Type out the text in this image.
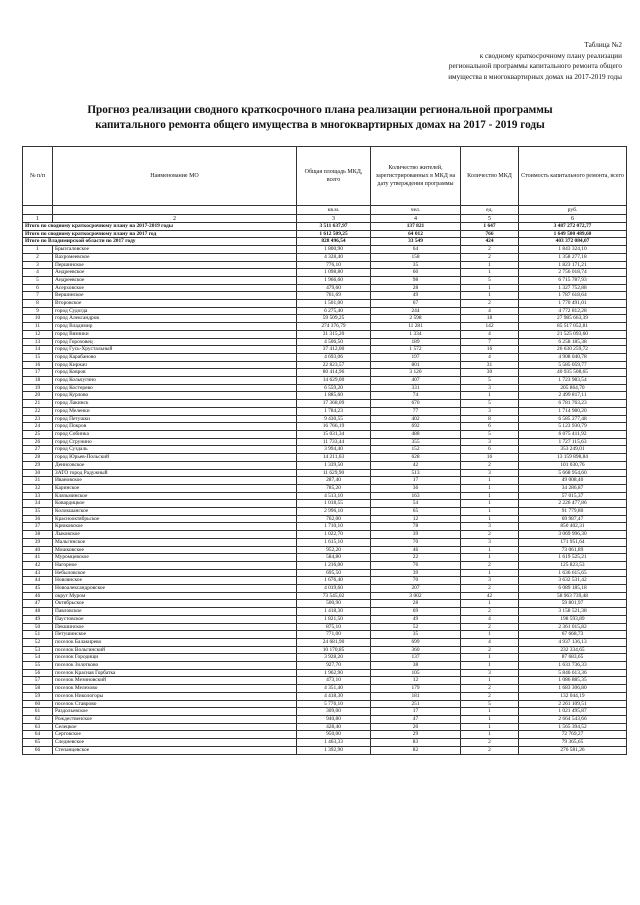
Таблица №2
к сводному краткосрочному плану реализации
региональной программы капитального ремонта общего
имущества в многоквартирных домах на 2017-2019 годы
Прогноз реализации сводного краткосрочного плана реализации региональной программы
капитального ремонта общего имущества в многоквартирных домах на 2017 - 2019 годы
№ п/п	Наименование МО	Общая площадь МКД, всего	Количество жителей, зарегистрированных в МКД на дату утверждения программы	Количество МКД	Стоимость капитального ремонта, всего
		кв.м.	чел.	ед.	руб.
1	2	3	4	5	6
Итого по сводному краткосрочному плану на 2017-2019 годы		3 511 637,97	137 821	1 647	3 487 272 072,77
Итого по сводному краткосрочному плану на 2017 год		1 612 509,25	64 012	766	1 649 500 489,60
Итого по Владимирской области по 2017 году		828 496,54	33 549	424	403 372 084,07
1	Брызгаловское	1 800,90	64	2	1 843 324,10
2	Вахромеевское	4 328,40	158	2	1 358 277,18
3	Першинское	776,10	35	1	1 823 171,21
4	Андреевское	1 098,80	60	1	2 756 018,74
5	Андреевское	1 966,60	98	5	6 715 787,93
6	Асерховское	479,60	28	1	1 327 752,88
7	Вершинское	761,69	49	1	1 787 618,64
8	Второвское	1 501,00	67	2	1 770 491,01
9	город Судогда	6 275,40	244	4	4 772 812,28
10	город Александров	59 509,25	2 598	18	27 985 663,39
11	город Владимир	274 376,79	11 281	142	85 517 052,81
12	город Вязники	31 315,20	1 334	4	21 525 093,60
13	город Гороховец	4 506,50	189	7	6 258 185,38
14	город Гусь-Хрустальный	37 412,00	1 572	16	26 630 259,72
15	город Карабаново	4 693,06	197	4	4 908 040,78
16	город Киржач	22 823,57	801	31	5 585 059,77
17	город Ковров	80 414,96	3 120	30	40 935 508,65
18	город Кольчугино	14 629,00	407	5	1 723 983,54
19	город Костерево	6 559,20	331	3	205 864,70
20	город Курлово	1 885,60	74	1	2 499 817,11
21	город Лакинск	17 368,09	670	5	6 781 763,23
22	город Меленки	1 784,23	77	3	1 714 980,20
23	город Петушки	9 430,55	402	8	6 585 277,48
24	город Покров	16 766,19	692	6	5 123 930,79
25	город Собинка	15 031,34	488	5	6 075 411,92
26	город Струнино	11 733,44	355	3	1 727 115,63
27	город Суздаль	3 994,40	152	6	353 249,01
28	город Юрьев-Польский	14 211,63	628	16	13 159 898,84
29	Денисовское	1 339,50	42	2	101 030,76
30	ЗАТО город Радужный	11 629,90	513	3	5 668 954,60
31	Ивановское	287,40	17	1	49 008,40
32	Каринское	785,20	36	1	34 286,87
33	Клязьминское	4 513,10	163	1	57 015,37
34	Ковардицкое	1 018,55	54	1	2 226 477,86
35	Колокшанское	2 996,10	65	1	91 779,80
36	Краснооктябрьское	762,00	12	1	69 987,47
37	Крюковское	1 710,10	78	3	850 402,31
38	Лыковское	1 022,70	39	2	3 069 996,30
39	Мальгинское	1 615,10	70	3	171 951,64
40	Мошковское	952,20	46	1	73 061,89
41	Муромцевское	584,80	22	1	1 619 525,21
42	Нагорное	1 216,00	76	2	125 823,53
43	Небыловское	695,50	39	1	1 636 615,65
44	Новлянское	1 676,40	70	3	3 632 531,42
45	Новоалександровское	4 019,60	207	2	6 089 185,18
46	округ Муром	73 545,02	3 002	42	58 963 739,48
47	Октябрьское	500,90	28	1	59 801,97
48	Павловское	1 418,30	69	2	3 158 521,38
49	Паустовское	1 821,50	49	4	198 593,89
50	Пекшинское	875,10	52	2	2 361 015,82
51	Петушинское	771,00	35	1	67 668,73
52	поселок Балакирево	24 681,90	699	4	4 937 136,13
53	поселок Вольгинский	10 170,85	360	2	232 334,65
54	поселок Городищи	3 928,20	137	1	87 683,65
55	поселок Золотково	927,70	38	1	1 631 736,33
56	поселок Красная Горбатка	1 962,90	105	3	5 846 613,36
57	поселок Мезиновский	473,10	12	1	1 086 885,35
58	поселок Мелехово	4 351,40	179	2	1 683 306,80
59	поселок Никологоры	4 418,30	181	2	132 044,19
60	поселок Ставрово	5 776,10	251	5	2 261 109,51
61	Раздольевское	309,00	17	1	1 021 495,87
62	Рождественское	940,80	47	1	2 664 543,66
63	Селецкое	428,40	20	1	1 565 394,52
64	Серговское	950,00	29	1	72 769,27
65	Следневское	1 463,33	83	2	79 365,65
66	Степанцевское	1 392,90	82	2	276 581,26
